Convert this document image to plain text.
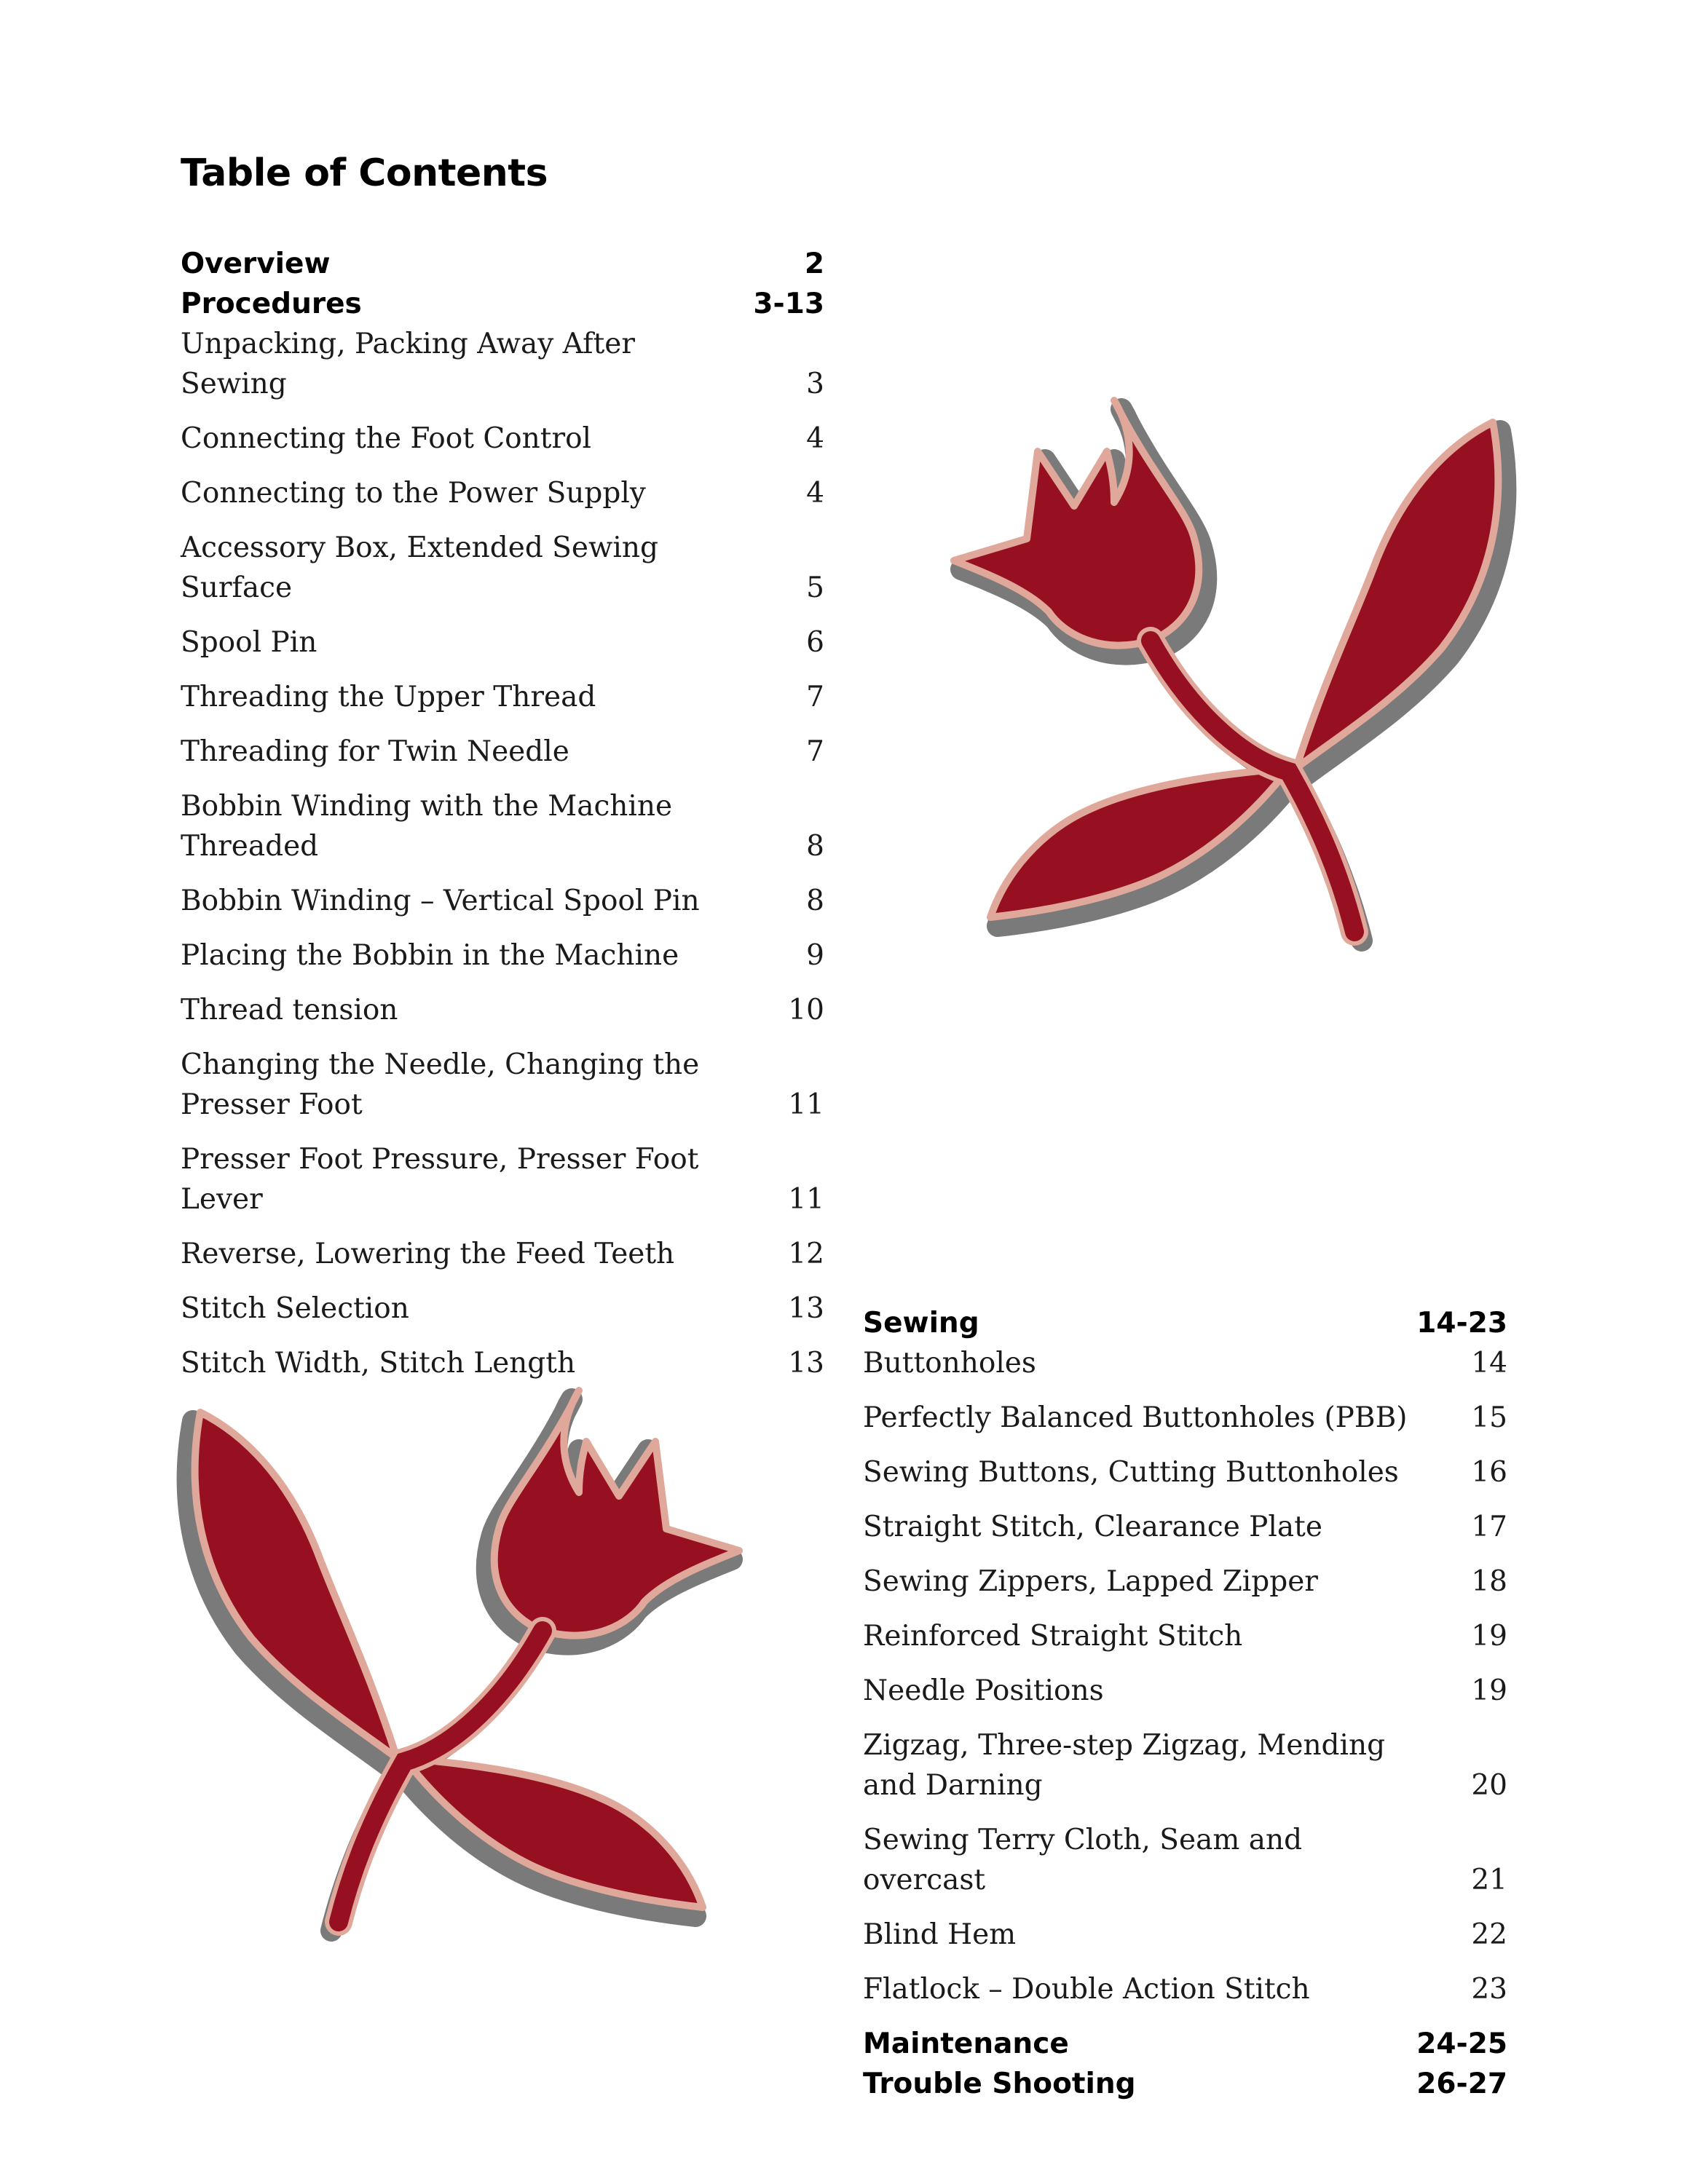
Table of Contents
Overview	2
Procedures	3-13
Unpacking, Packing Away After Sewing	3
Connecting the Foot Control	4
Connecting to the Power Supply	4
Accessory Box, Extended Sewing Surface	5
Spool Pin	6
Threading the Upper Thread	7
Threading for Twin Needle	7
Bobbin Winding with the Machine Threaded	8
Bobbin Winding – Vertical Spool Pin	8
Placing the Bobbin in the Machine	9
Thread tension	10
Changing the Needle, Changing the Presser Foot	11
Presser Foot Pressure, Presser Foot Lever	11
Reverse, Lowering the Feed Teeth	12
Stitch Selection	13
Stitch Width, Stitch Length	13
Sewing	14-23
Buttonholes	14
Perfectly Balanced Buttonholes (PBB) 15
Sewing Buttons, Cutting Buttonholes	16
Straight Stitch, Clearance Plate	17
Sewing Zippers, Lapped Zipper	18
Reinforced Straight Stitch	19
Needle Positions	19
Zigzag, Three-step Zigzag, Mending and Darning	20
Sewing Terry Cloth, Seam and overcast	21
Blind Hem	22
Flatlock – Double Action Stitch	23
Maintenance	24-25
Trouble Shooting	26-27
